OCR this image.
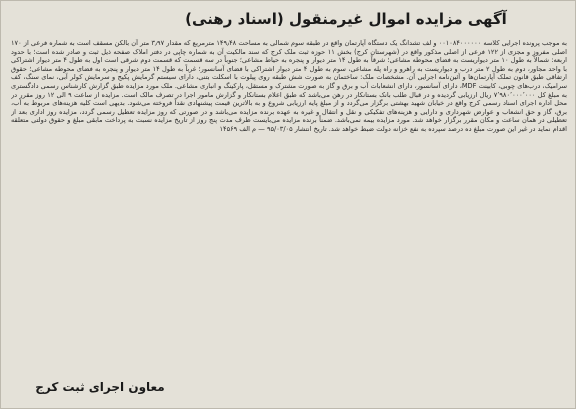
آگهی مزایده اموال غیرمنقول (اسناد رهنی)

به موجب پرونده اجرایی کلاسه ۰۰۱۰۸۴۰۰۰۰۰۰ و لف تشدانگ یک دستگاه آپارتمان واقع در طبقه سوم شمالی به مساحت ۱۴۹٫۴۸ مترمربع که مقدار ۳٫۹۷ متر آن بالکن مسقف است به شماره فرعی از ۱۷۰ اصلی مفروز و مجزی از ۱۲۲ فرعی از اصلی مذکور واقع در (شهرستان کرج) بخش ۱۱ حوزه ثبت ملک کرج که سند مالکیت آن به شماره چاپی در دفتر املاک صفحه ذیل ثبت و صادر شده است؛ با حدود اربعه: شمالاً به طول ۱۰ متر دیواریست به فضای محوطه مشاعی؛ شرقاً به طول ۱۴ متر دیوار و پنجره به حیاط مشاعی؛ جنوباً در سه قسمت که قسمت دوم شرقی است اول به طول ۴ متر دیوار اشتراکی با واحد مجاور، دوم به طول ۲ متر درب و دیواریست به راهرو و راه پله مشاعی، سوم به طول ۴ متر دیوار اشتراکی با فضای آسانسور؛ غرباً به طول ۱۴ متر دیوار و پنجره به فضای محوطه مشاعی؛ حقوق ارتفاقی طبق قانون تملک آپارتمان‌ها و آئین‌نامه اجرایی آن. مشخصات ملک: ساختمان به صورت شش طبقه روی پیلوت با اسکلت بتنی، دارای سیستم گرمایش پکیج و سرمایش کولر آبی، نمای سنگ، کف سرامیک، درب‌های چوبی، کابینت MDF، دارای آسانسور، دارای انشعابات آب و برق و گاز به صورت مشترک و مستقل، پارکینگ و انباری مشاعی. ملک مورد مزایده طبق گزارش کارشناس رسمی دادگستری به مبلغ کل ۷٬۹۸۰٬۰۰۰٬۰۰۰ ریال ارزیابی گردیده و در قبال طلب بانک بستانکار در رهن می‌باشد که طبق اعلام بستانکار و گزارش مامور اجرا در تصرف مالک است. مزایده از ساعت ۹ الی ۱۲ روز مقرر در محل اداره اجرای اسناد رسمی کرج واقع در خیابان شهید بهشتی برگزار می‌گردد و از مبلغ پایه ارزیابی شروع و به بالاترین قیمت پیشنهادی نقداً فروخته می‌شود. بدیهی است کلیه هزینه‌های مربوط به آب، برق، گاز و حق انشعاب و عوارض شهرداری و دارایی و هزینه‌های تفکیکی و نقل و انتقال و غیره به عهده برنده مزایده می‌باشد و در صورتی که روز مزایده تعطیل رسمی گردد، مزایده روز اداری بعد از تعطیلی در همان ساعت و مکان مقرر برگزار خواهد شد. مورد مزایده بیمه نمی‌باشد. ضمناً برنده مزایده می‌بایست ظرف مدت پنج روز از تاریخ مزایده نسبت به پرداخت مابقی مبلغ و حقوق دولتی متعلقه اقدام نماید در غیر این صورت مبلغ ده درصد سپرده به نفع خزانه دولت ضبط خواهد شد. تاریخ انتشار ۹۵/۰۳/۰۵ — م الف ۱۴۵۶۹

معاون اجرای ثبت کرج
